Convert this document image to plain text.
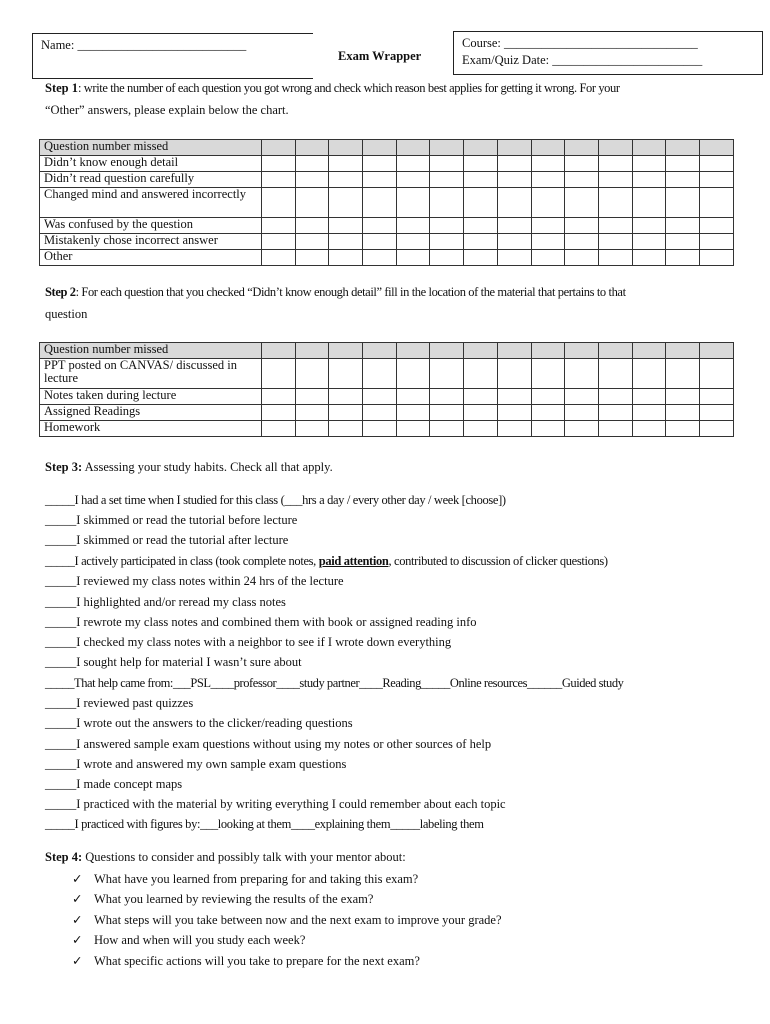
Name: ___________________________
Exam Wrapper
Course: _______________________________
Exam/Quiz Date: ________________________
Step 1: write the number of each question you got wrong and check which reason best applies for getting it wrong. For your
“Other” answers, please explain below the chart.
Question number missed														
Didn’t know enough detail														
Didn’t read question carefully														
Changed mind and answered incorrectly														
Was confused by the question														
Mistakenly chose incorrect answer														
Other														
Step 2: For each question that you checked “Didn’t know enough detail” fill in the location of the material that pertains to that
question
Question number missed														
PPT posted on CANVAS/ discussed in lecture														
Notes taken during lecture														
Assigned Readings														
Homework														
Step 3: Assessing your study habits. Check all that apply.
_____I had a set time when I studied for this class (___hrs a day / every other day / week [choose])
_____I skimmed or read the tutorial before lecture
_____I skimmed or read the tutorial after lecture
_____I actively participated in class (took complete notes, paid attention, contributed to discussion of clicker questions)
_____I reviewed my class notes within 24 hrs of the lecture
_____I highlighted and/or reread my class notes
_____I rewrote my class notes and combined them with book or assigned reading info
_____I checked my class notes with a neighbor to see if I wrote down everything
_____I sought help for material I wasn’t sure about
_____That help came from:___PSL____professor____study partner____Reading_____Online resources______Guided study
_____I reviewed past quizzes
_____I wrote out the answers to the clicker/reading questions
_____I answered sample exam questions without using my notes or other sources of help
_____I wrote and answered my own sample exam questions
_____I made concept maps
_____I practiced with the material by writing everything I could remember about each topic
_____I practiced with figures by:___looking at them____explaining them_____labeling them
Step 4: Questions to consider and possibly talk with your mentor about:
✓ What have you learned from preparing for and taking this exam?
✓ What you learned by reviewing the results of the exam?
✓ What steps will you take between now and the next exam to improve your grade?
✓ How and when will you study each week?
✓ What specific actions will you take to prepare for the next exam?
